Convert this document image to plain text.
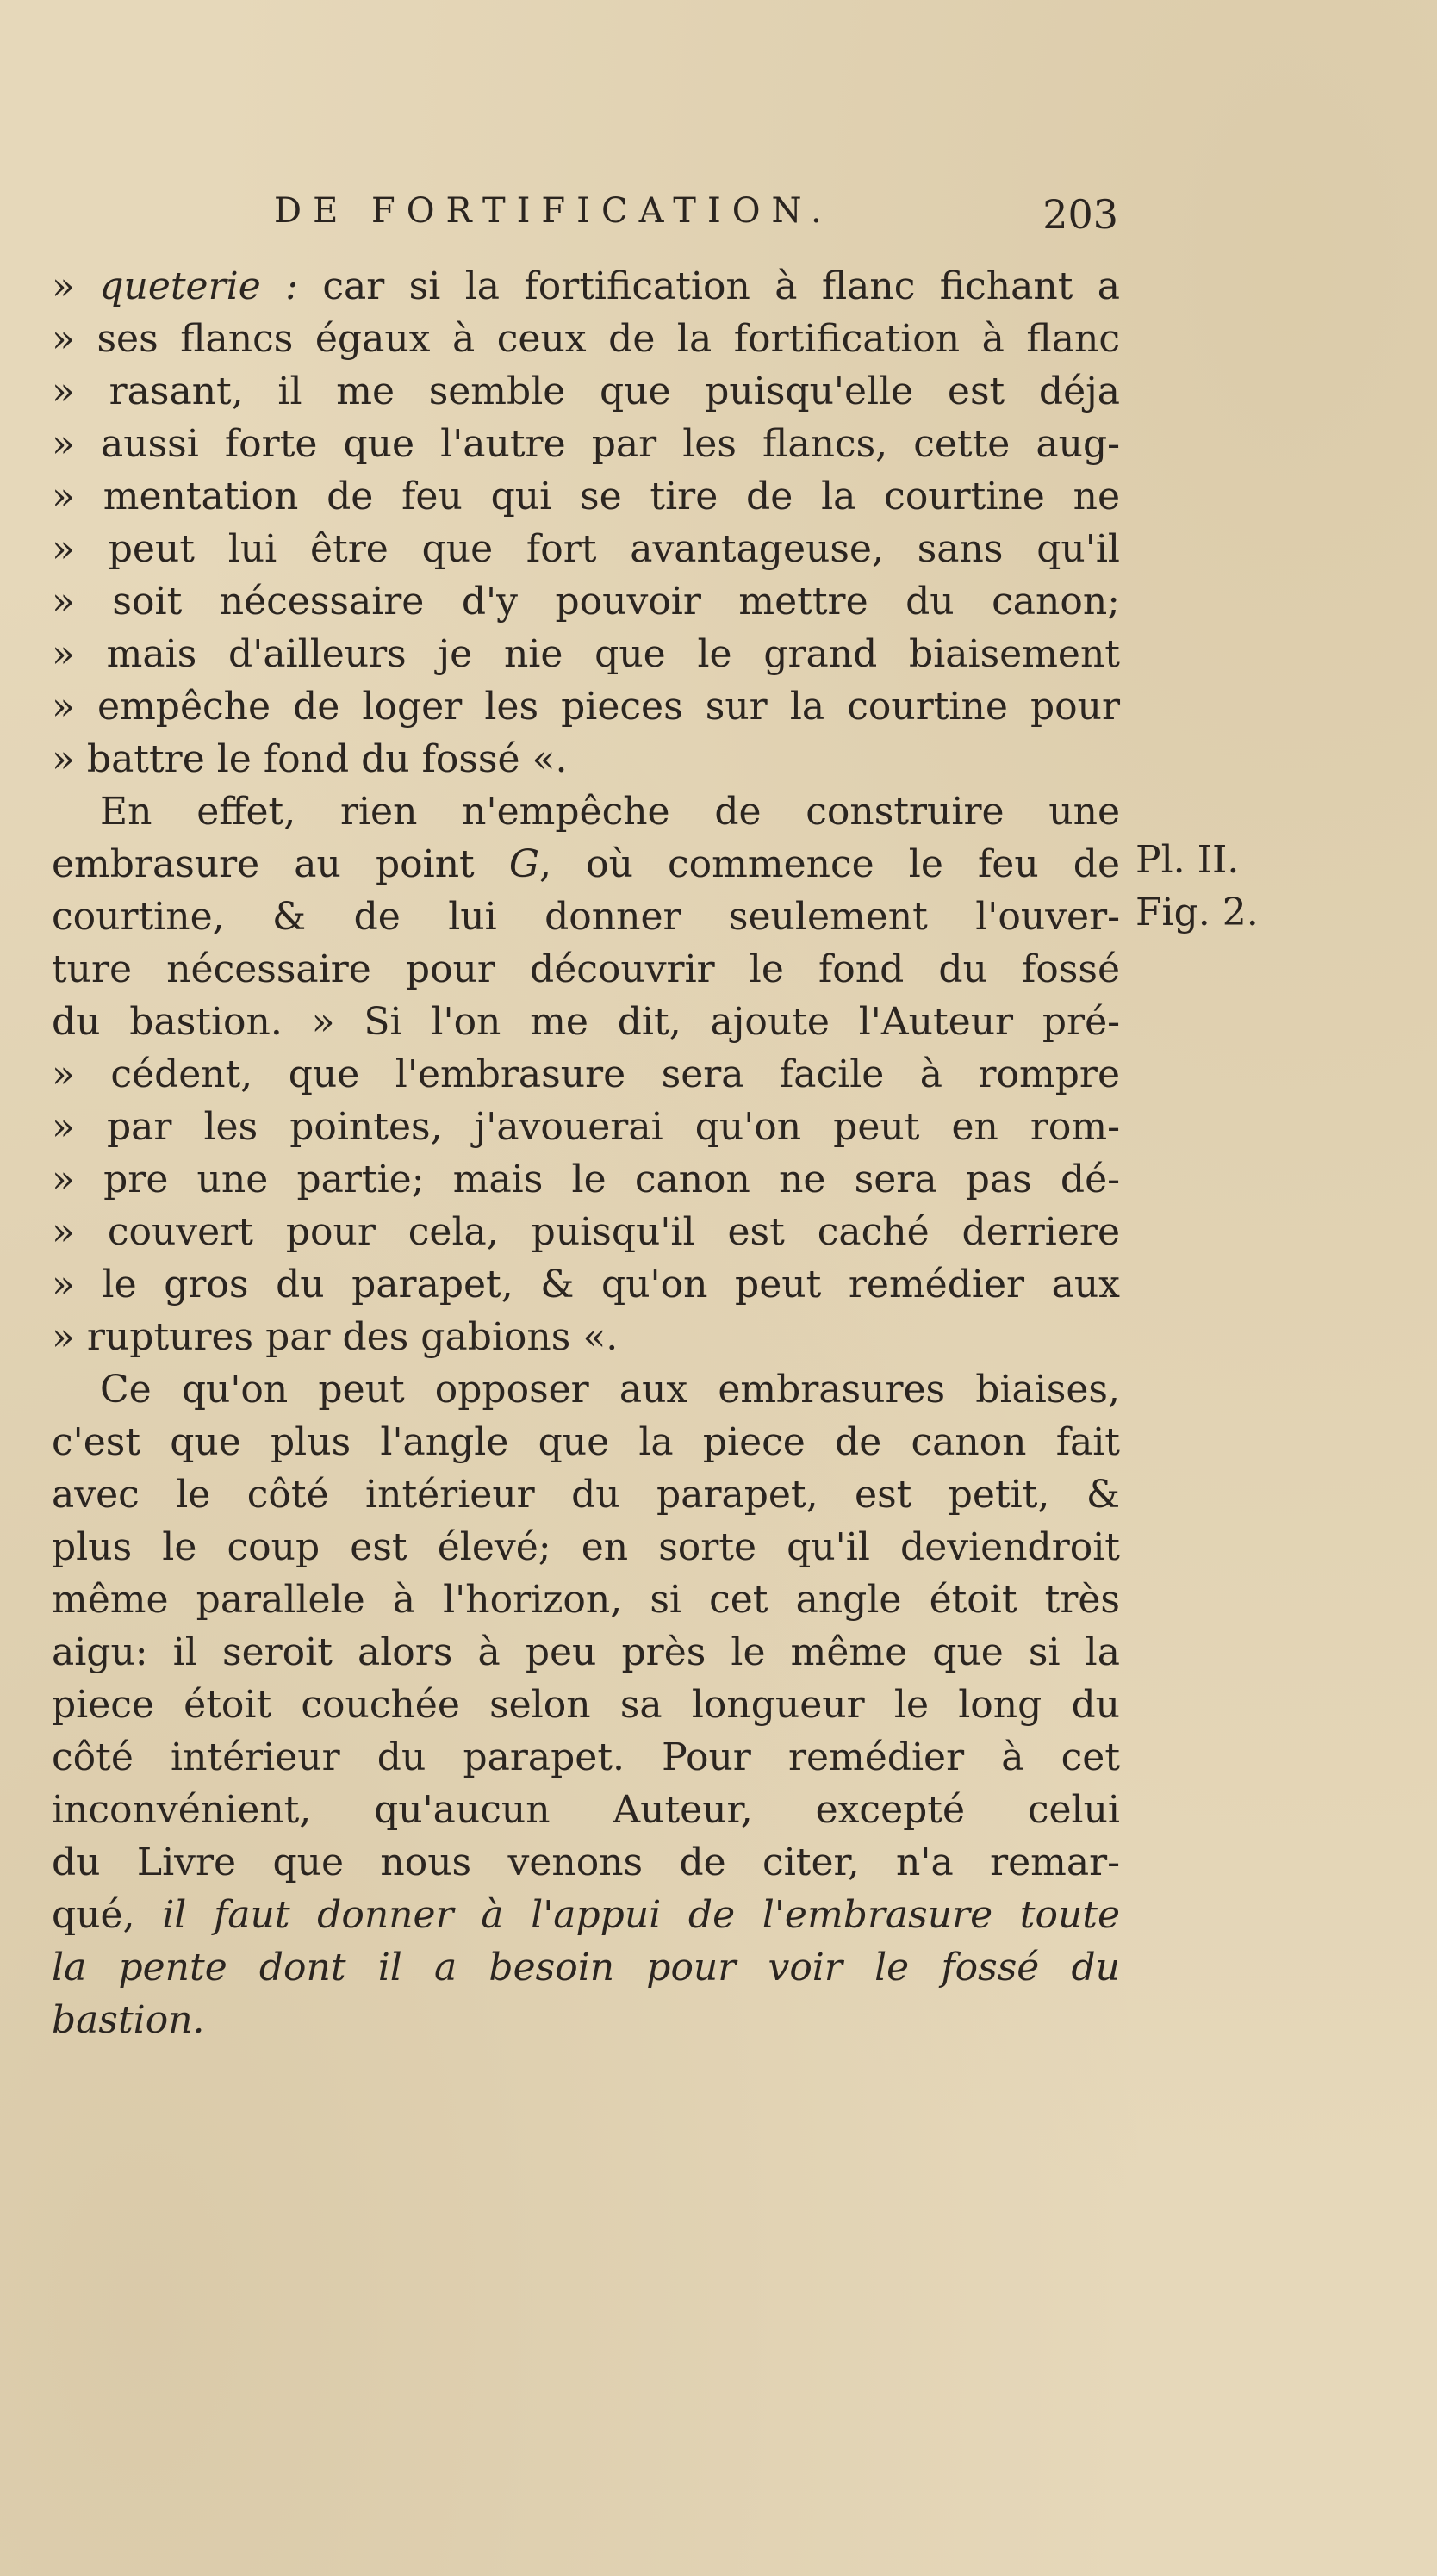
DE FORTIFICATION.	203
» queterie : car si la fortification à flanc fichant a
» ses flancs égaux à ceux de la fortification à flanc
» rasant, il me semble que puisqu'elle est déja
» aussi forte que l'autre par les flancs, cette aug-
» mentation de feu qui se tire de la courtine ne
» peut lui être que fort avantageuse, sans qu'il
» soit nécessaire d'y pouvoir mettre du canon;
» mais d'ailleurs je nie que le grand biaisement
» empêche de loger les pieces sur la courtine pour
» battre le fond du fossé «.
En effet, rien n'empêche de construire une
embrasure au point G, où commence le feu de
courtine, & de lui donner seulement l'ouver-
ture nécessaire pour découvrir le fond du fossé
du bastion. » Si l'on me dit, ajoute l'Auteur pré-
» cédent, que l'embrasure sera facile à rompre
» par les pointes, j'avouerai qu'on peut en rom-
» pre une partie; mais le canon ne sera pas dé-
» couvert pour cela, puisqu'il est caché derriere
» le gros du parapet, & qu'on peut remédier aux
» ruptures par des gabions «.
Ce qu'on peut opposer aux embrasures biaises,
c'est que plus l'angle que la piece de canon fait
avec le côté intérieur du parapet, est petit, &
plus le coup est élevé; en sorte qu'il deviendroit
même parallele à l'horizon, si cet angle étoit très
aigu: il seroit alors à peu près le même que si la
piece étoit couchée selon sa longueur le long du
côté intérieur du parapet. Pour remédier à cet
inconvénient, qu'aucun Auteur, excepté celui
du Livre que nous venons de citer, n'a remar-
qué, il faut donner à l'appui de l'embrasure toute
la pente dont il a besoin pour voir le fossé du
bastion.
Pl. II.
Fig. 2.
